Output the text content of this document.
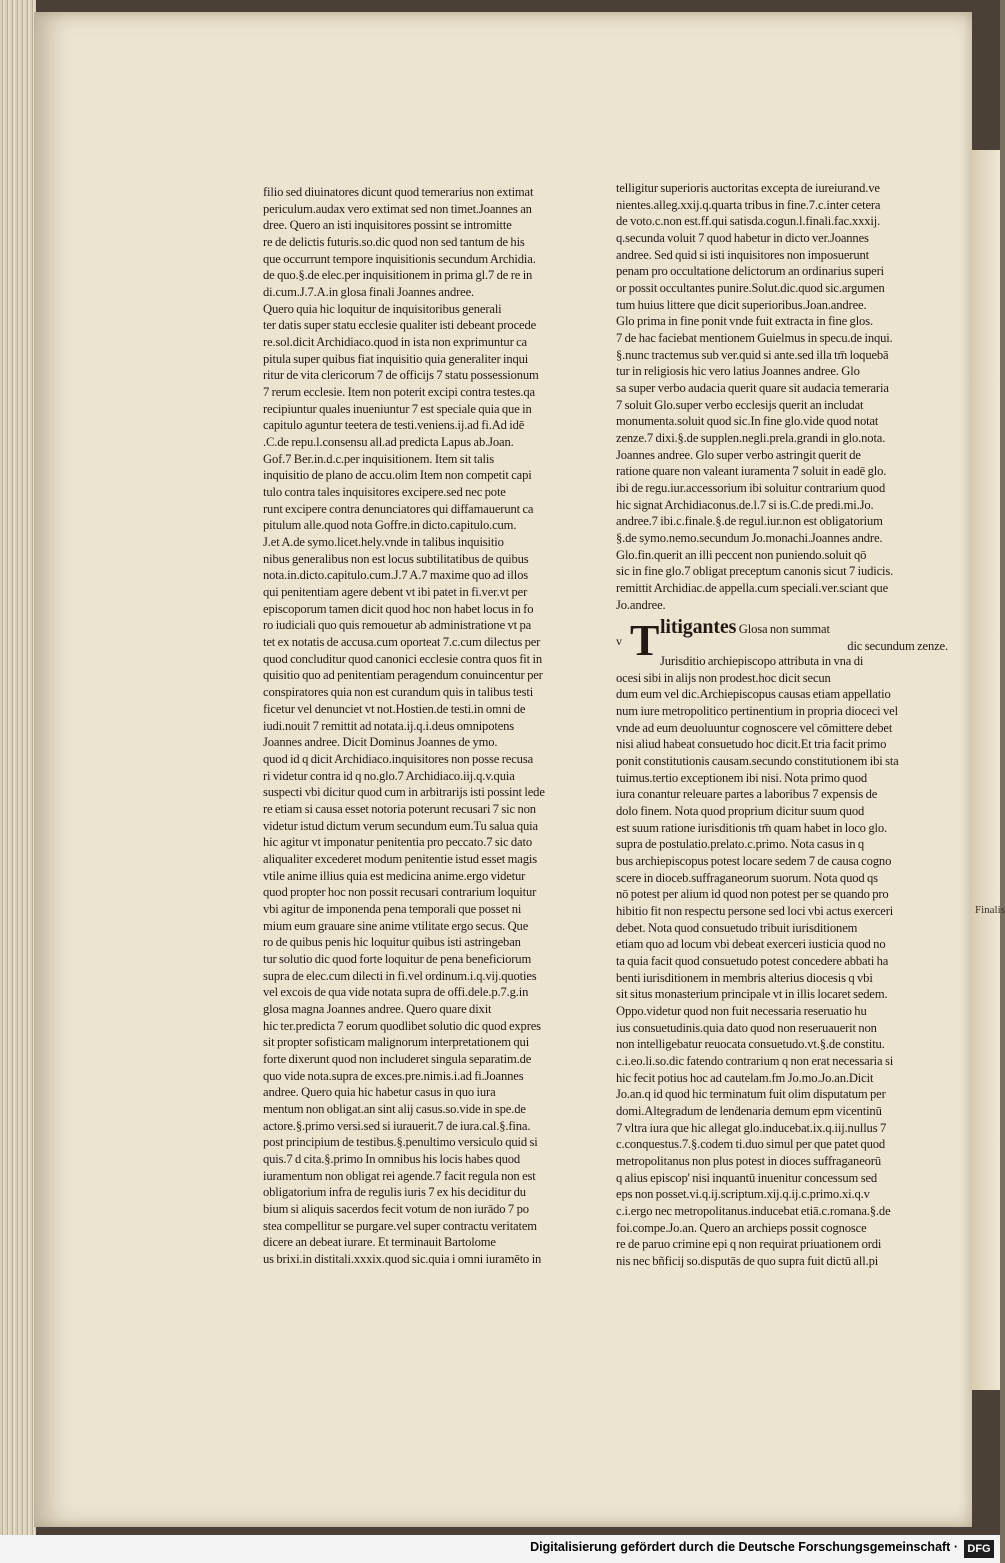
Finalis
filio sed diuinatores dicunt quod temerarius non extimat
periculum.audax vero extimat sed non timet.Joannes an
dree. Quero an isti inquisitores possint se intromitte
re de delictis futuris.so.dic quod non sed tantum de his
que occurrunt tempore inquisitionis secundum Archidia.
de quo.§.de elec.per inquisitionem in prima gl.7 de re in
di.cum.J.7.A.in glosa finali Joannes andree.
Quero quia hic loquitur de inquisitoribus generali
ter datis super statu ecclesie qualiter isti debeant procede
re.sol.dicit Archidiaco.quod in ista non exprimuntur ca
pitula super quibus fiat inquisitio quia generaliter inqui
ritur de vita clericorum 7 de officijs 7 statu possessionum
7 rerum ecclesie. Item non poterit excipi contra testes.qa
recipiuntur quales inueniuntur 7 est speciale quia que in
capitulo aguntur teetera de testi.veniens.ij.ad fi.Ad idē
.C.de repu.l.consensu all.ad predicta Lapus ab.Joan.
Gof.7 Ber.in.d.c.per inquisitionem. Item sit talis
inquisitio de plano de accu.olim Item non competit capi
tulo contra tales inquisitores excipere.sed nec pote
runt excipere contra denunciatores qui diffamauerunt ca
pitulum alle.quod nota Goffre.in dicto.capitulo.cum.
J.et A.de symo.licet.hely.vnde in talibus inquisitio
nibus generalibus non est locus subtilitatibus de quibus
nota.in.dicto.capitulo.cum.J.7 A.7 maxime quo ad illos
qui penitentiam agere debent vt ibi patet in fi.ver.vt per
episcoporum tamen dicit quod hoc non habet locus in fo
ro iudiciali quo quis remouetur ab administratione vt pa
tet ex notatis de accusa.cum oporteat 7.c.cum dilectus per
quod concluditur quod canonici ecclesie contra quos fit in
quisitio quo ad penitentiam peragendum conuincentur per
conspiratores quia non est curandum quis in talibus testi
ficetur vel denunciet vt not.Hostien.de testi.in omni de
iudi.nouit 7 remittit ad notata.ij.q.i.deus omnipotens
Joannes andree. Dicit Dominus Joannes de ymo.
quod id q dicit Archidiaco.inquisitores non posse recusa
ri videtur contra id q no.glo.7 Archidiaco.iij.q.v.quia
suspecti vbi dicitur quod cum in arbitrarijs isti possint lede
re etiam si causa esset notoria poterunt recusari 7 sic non
videtur istud dictum verum secundum eum.Tu salua quia
hic agitur vt imponatur penitentia pro peccato.7 sic dato
aliqualiter excederet modum penitentie istud esset magis
vtile anime illius quia est medicina anime.ergo videtur
quod propter hoc non possit recusari contrarium loquitur
vbi agitur de imponenda pena temporali que posset ni
mium eum grauare sine anime vtilitate ergo secus. Que
ro de quibus penis hic loquitur quibus isti astringeban
tur solutio dic quod forte loquitur de pena beneficiorum
supra de elec.cum dilecti in fi.vel ordinum.i.q.vij.quoties
vel excois de qua vide notata supra de offi.dele.p.7.g.in
glosa magna Joannes andree. Quero quare dixit
hic ter.predicta 7 eorum quodlibet solutio dic quod expres
sit propter sofisticam malignorum interpretationem qui
forte dixerunt quod non includeret singula separatim.de
quo vide nota.supra de exces.pre.nimis.i.ad fi.Joannes
andree. Quero quia hic habetur casus in quo iura
mentum non obligat.an sint alij casus.so.vide in spe.de
actore.§.primo versi.sed si iurauerit.7 de iura.cal.§.fina.
post principium de testibus.§.penultimo versiculo quid si
quis.7 d cita.§.primo In omnibus his locis habes quod
iuramentum non obligat rei agende.7 facit regula non est
obligatorium infra de regulis iuris 7 ex his deciditur du
bium si aliquis sacerdos fecit votum de non iurādo 7 po
stea compellitur se purgare.vel super contractu veritatem
dicere an debeat iurare. Et terminauit Bartolome
us brixi.in distitali.xxxix.quod sic.quia i omni iuramēto in
telligitur superioris auctoritas excepta de iureiurand.ve
nientes.alleg.xxij.q.quarta tribus in fine.7.c.inter cetera
de voto.c.non est.ff.qui satisda.cogun.l.finali.fac.xxxij.
q.secunda voluit 7 quod habetur in dicto ver.Joannes
andree. Sed quid si isti inquisitores non imposuerunt
penam pro occultatione delictorum an ordinarius superi
or possit occultantes punire.Solut.dic.quod sic.argumen
tum huius littere que dicit superioribus.Joan.andree.
Glo prima in fine ponit vnde fuit extracta in fine glos.
7 de hac faciebat mentionem Guielmus in specu.de inqui.
§.nunc tractemus sub ver.quid si ante.sed illa tm̄ loquebā
tur in religiosis hic vero latius Joannes andree. Glo
sa super verbo audacia querit quare sit audacia temeraria
7 soluit Glo.super verbo ecclesijs querit an includat
monumenta.soluit quod sic.In fine glo.vide quod notat
zenze.7 dixi.§.de supplen.negli.prela.grandi in glo.nota.
Joannes andree. Glo super verbo astringit querit de
ratione quare non valeant iuramenta 7 soluit in eadē glo.
ibi de regu.iur.accessorium ibi soluitur contrarium quod
hic signat Archidiaconus.de.l.7 si is.C.de predi.mi.Jo.
andree.7 ibi.c.finale.§.de regul.iur.non est obligatorium
§.de symo.nemo.secundum Jo.monachi.Joannes andre.
Glo.fin.querit an illi peccent non puniendo.soluit qō
sic in fine glo.7 obligat preceptum canonis sicut 7 iudicis.
remittit Archidiac.de appella.cum speciali.ver.sciant que
Jo.andree.
v T litigantes Glosa non summat
dic secundum zenze.
Jurisditio archiepiscopo attributa in vna di
ocesi sibi in alijs non prodest.hoc dicit secun
dum eum vel dic.Archiepiscopus causas etiam appellatio
num iure metropolitico pertinentium in propria dioceci vel
vnde ad eum deuoluuntur cognoscere vel cōmittere debet
nisi aliud habeat consuetudo hoc dicit.Et tria facit primo
ponit constitutionis causam.secundo constitutionem ibi sta
tuimus.tertio exceptionem ibi nisi. Nota primo quod
iura conantur releuare partes a laboribus 7 expensis de
dolo finem. Nota quod proprium dicitur suum quod
est suum ratione iurisditionis tm̄ quam habet in loco glo.
supra de postulatio.prelato.c.primo. Nota casus in q
bus archiepiscopus potest locare sedem 7 de causa cogno
scere in dioceb.suffraganeorum suorum. Nota quod qs
nō potest per alium id quod non potest per se quando pro
hibitio fit non respectu persone sed loci vbi actus exerceri
debet. Nota quod consuetudo tribuit iurisditionem
etiam quo ad locum vbi debeat exerceri iusticia quod no
ta quia facit quod consuetudo potest concedere abbati ha
benti iurisditionem in membris alterius diocesis q vbi
sit situs monasterium principale vt in illis locaret sedem.
Oppo.videtur quod non fuit necessaria reseruatio hu
ius consuetudinis.quia dato quod non reseruauerit non
non intelligebatur reuocata consuetudo.vt.§.de constitu.
c.i.eo.li.so.dic fatendo contrarium q non erat necessaria si
hic fecit potius hoc ad cautelam.fm Jo.mo.Jo.an.Dicit
Jo.an.q id quod hic terminatum fuit olim disputatum per
domi.Altegradum de lenḋenaria demum epm vicentinū
7 vltra iura que hic allegat glo.inducebat.ix.q.iij.nullus 7
c.conquestus.7.§.codem ti.duo simul per que patet quod
metropolitanus non plus potest in dioces suffraganeorū
q alius episcop' nisi inquantū inuenitur concessum sed
eps non posset.vi.q.ij.scriptum.xij.q.ij.c.primo.xi.q.v
c.i.ergo nec metropolitanus.inducebat etiā.c.romana.§.de
foi.compe.Jo.an. Quero an archieps possit cognosce
re de paruo crimine epi q non requirat priuationem ordi
nis nec bñficij so.disputās de quo supra fuit dictū all.pi
Digitalisierung gefördert durch die Deutsche Forschungsgemeinschaft · DFG
